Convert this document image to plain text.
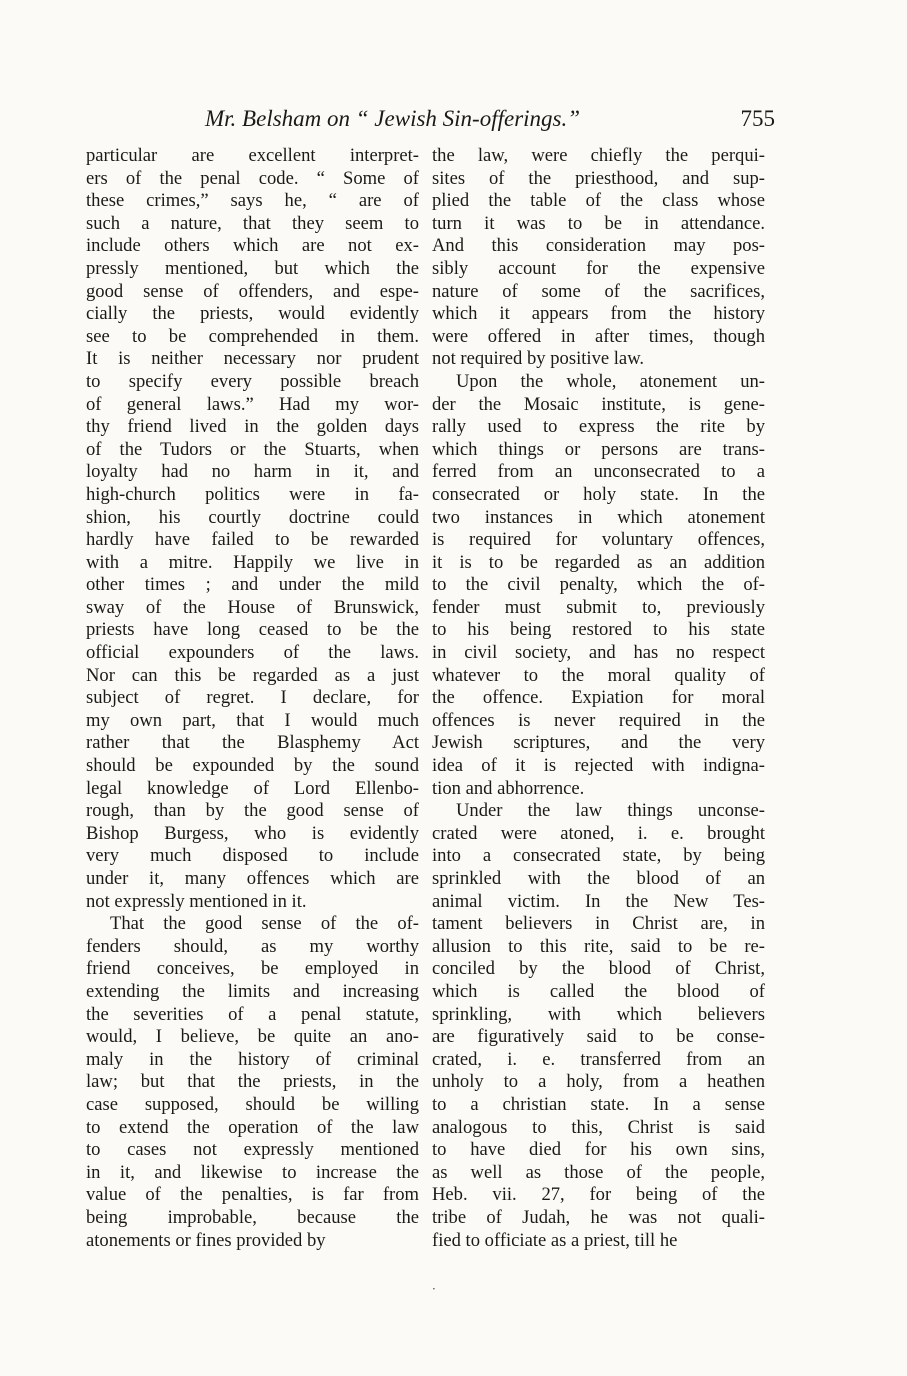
Mr. Belsham on “ Jewish Sin-offerings.”	755
particular are excellent interpret-
ers of the penal code. “ Some of
these crimes,” says he, “ are of
such a nature, that they seem to
include others which are not ex-
pressly mentioned, but which the
good sense of offenders, and espe-
cially the priests, would evidently
see to be comprehended in them.
It is neither necessary nor prudent
to specify every possible breach
of general laws.” Had my wor-
thy friend lived in the golden days
of the Tudors or the Stuarts, when
loyalty had no harm in it, and
high-church politics were in fa-
shion, his courtly doctrine could
hardly have failed to be rewarded
with a mitre. Happily we live in
other times ; and under the mild
sway of the House of Brunswick,
priests have long ceased to be the
official expounders of the laws.
Nor can this be regarded as a just
subject of regret. I declare, for
my own part, that I would much
rather that the Blasphemy Act
should be expounded by the sound
legal knowledge of Lord Ellenbo-
rough, than by the good sense of
Bishop Burgess, who is evidently
very much disposed to include
under it, many offences which are
not expressly mentioned in it.
That the good sense of the of-
fenders should, as my worthy
friend conceives, be employed in
extending the limits and increasing
the severities of a penal statute,
would, I believe, be quite an ano-
maly in the history of criminal
law; but that the priests, in the
case supposed, should be willing
to extend the operation of the law
to cases not expressly mentioned
in it, and likewise to increase the
value of the penalties, is far from
being improbable, because the
atonements or fines provided by
the law, were chiefly the perqui-
sites of the priesthood, and sup-
plied the table of the class whose
turn it was to be in attendance.
And this consideration may pos-
sibly account for the expensive
nature of some of the sacrifices,
which it appears from the history
were offered in after times, though
not required by positive law.
Upon the whole, atonement un-
der the Mosaic institute, is gene-
rally used to express the rite by
which things or persons are trans-
ferred from an unconsecrated to a
consecrated or holy state. In the
two instances in which atonement
is required for voluntary offences,
it is to be regarded as an addition
to the civil penalty, which the of-
fender must submit to, previously
to his being restored to his state
in civil society, and has no respect
whatever to the moral quality of
the offence. Expiation for moral
offences is never required in the
Jewish scriptures, and the very
idea of it is rejected with indigna-
tion and abhorrence.
Under the law things unconse-
crated were atoned, i. e. brought
into a consecrated state, by being
sprinkled with the blood of an
animal victim. In the New Tes-
tament believers in Christ are, in
allusion to this rite, said to be re-
conciled by the blood of Christ,
which is called the blood of
sprinkling, with which believers
are figuratively said to be conse-
crated, i. e. transferred from an
unholy to a holy, from a heathen
to a christian state. In a sense
analogous to this, Christ is said
to have died for his own sins,
as well as those of the people,
Heb. vii. 27, for being of the
tribe of Judah, he was not quali-
fied to officiate as a priest, till he
·
